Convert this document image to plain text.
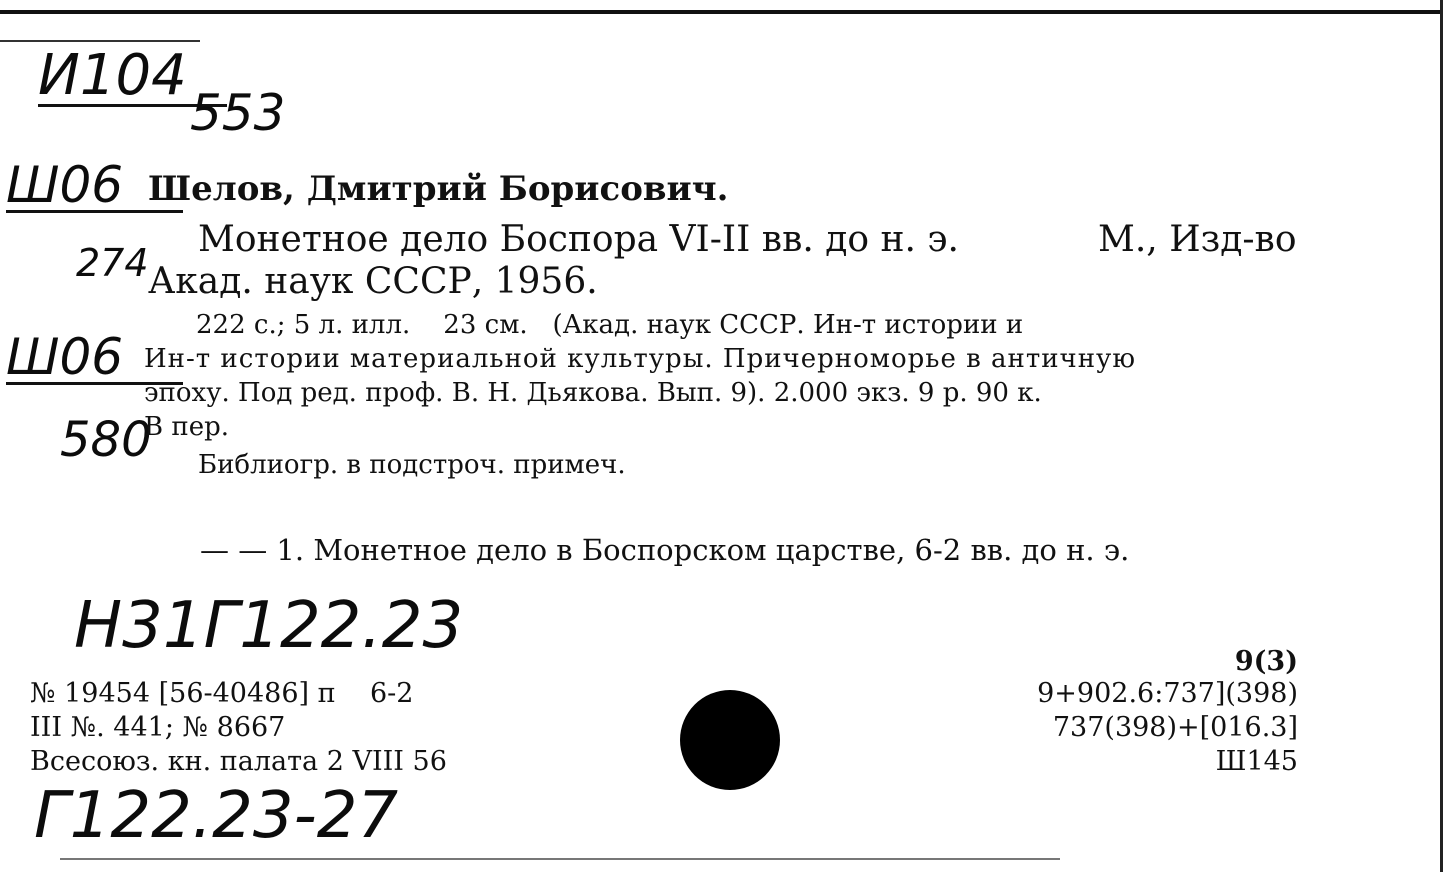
И104
553
Ш06
274
Ш06
580
Шелов, Дмитрий Борисович.
Монетное дело Боспора VI-II вв. до н. э.	М., Изд-во
Акад. наук СССР, 1956.
222 с.; 5 л. илл.    23 см.   (Акад. наук СССР. Ин-т истории и
Ин-т истории материальной культуры. Причерноморье в античную
эпоху. Под ред. проф. В. Н. Дьякова. Вып. 9). 2.000 экз. 9 р. 90 к.
В пер.
Библиогр. в подстроч. примеч.
— — 1. Монетное дело в Боспорском царстве, 6-2 вв. до н. э.
Н31Г122.23
№ 19454 [56-40486] п    6-2
III №. 441; № 8667
Всесоюз. кн. палата 2 VIII 56
9(3)
9+902.6:737](398)
737(398)+[016.3]
Ш145
Г122.23-27
